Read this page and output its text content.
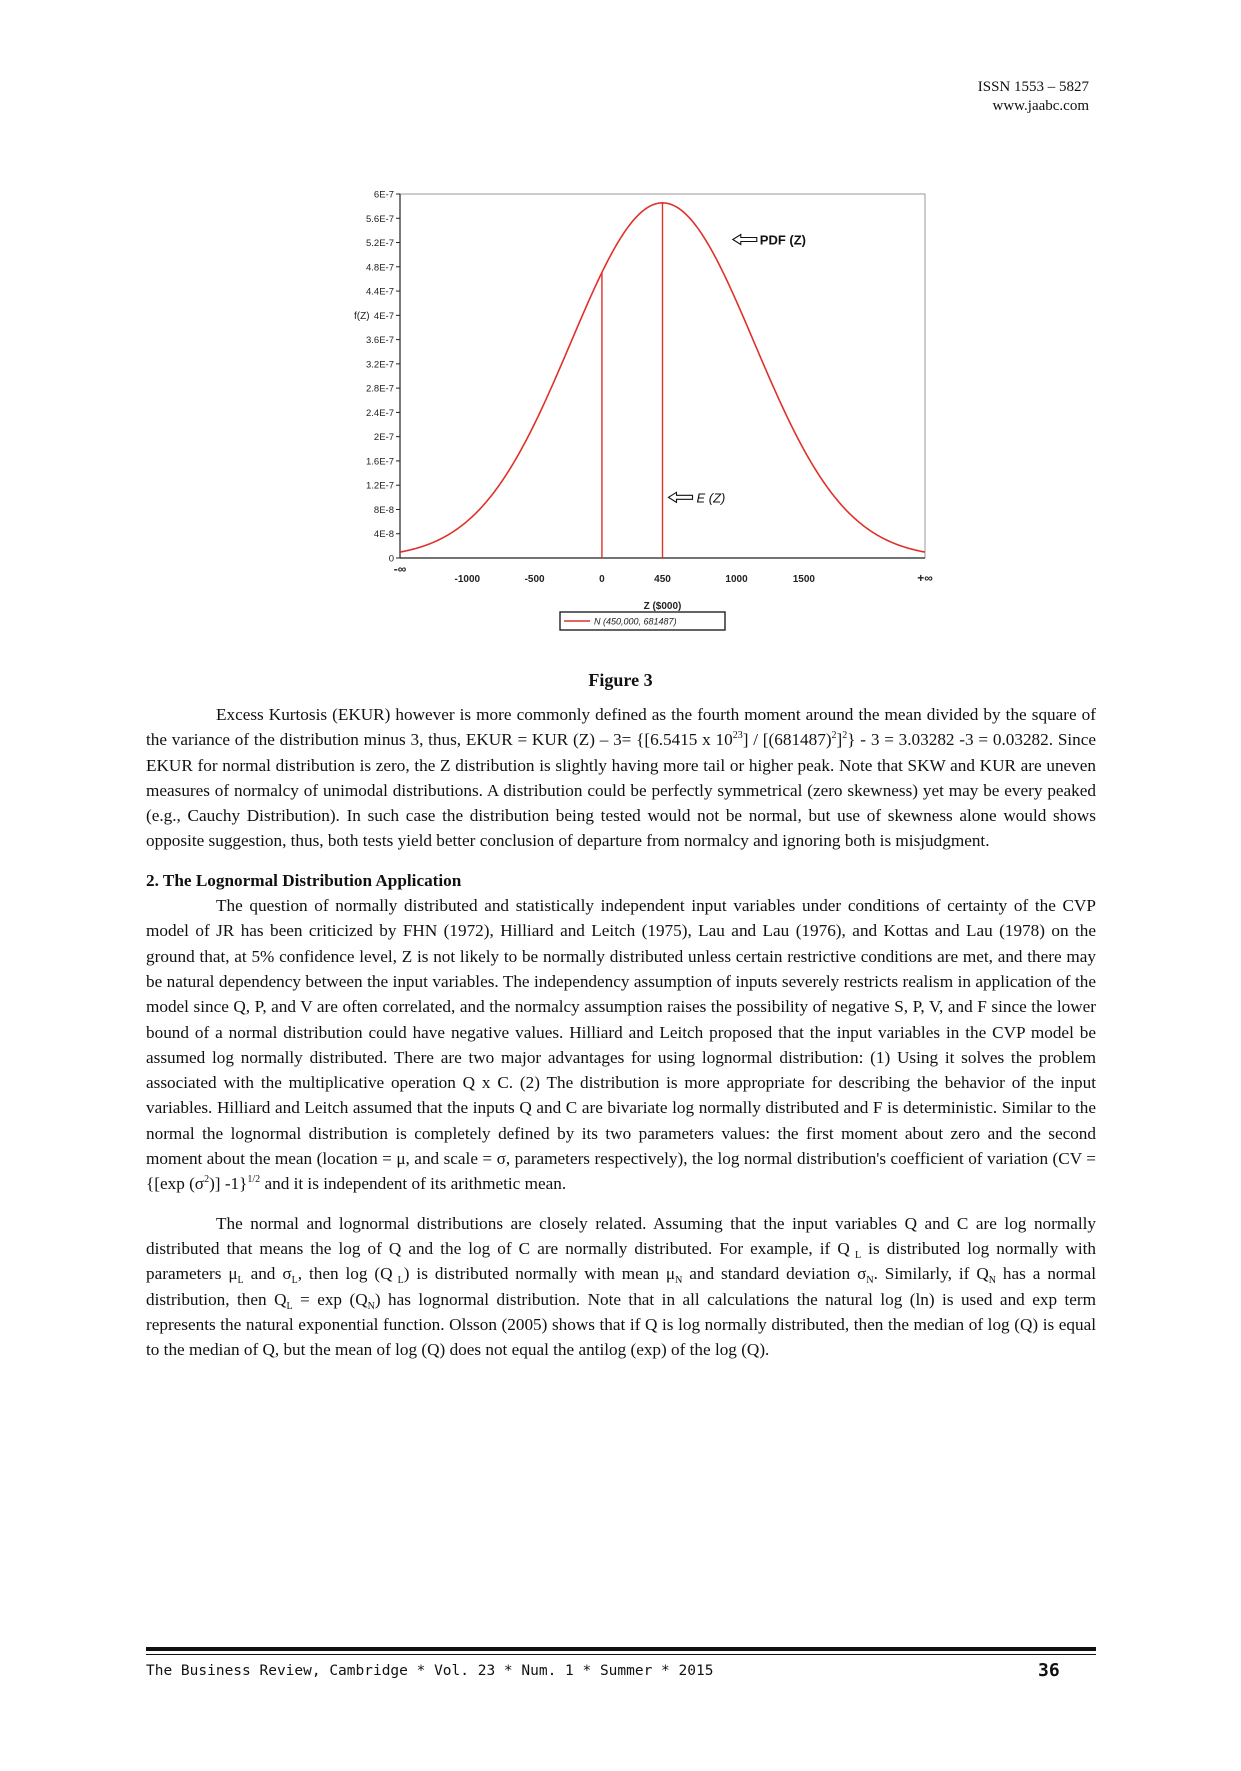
ISSN 1553 – 5827
www.jaabc.com
0
4E-8
8E-8
1.2E-7
1.6E-7
2E-7
2.4E-7
2.8E-7
3.2E-7
3.6E-7
4E-7
4.4E-7
4.8E-7
5.2E-7
5.6E-7
6E-7
f(Z)
-∞
-1000	-500	0	450	1000	1500	+∞
Z ($000)
N (450,000, 681487)
PDF (Z)
E (Z)
Figure 3

Excess Kurtosis (EKUR) however is more commonly defined as the fourth moment around the mean divided by the square of the variance of the distribution minus 3, thus, EKUR = KUR (Z) – 3= {[6.5415 x $10^{23}] / [(681487)^2]^2\} - 3 = 3.03282$ -3 = 0.03282. Since EKUR for normal distribution is zero, the Z distribution is slightly having more tail or higher peak. Note that SKW and KUR are uneven measures of normalcy of unimodal distributions. A distribution could be perfectly symmetrical (zero skewness) yet may be every peaked (e.g., Cauchy Distribution). In such case the distribution being tested would not be normal, but use of skewness alone would shows opposite suggestion, thus, both tests yield better conclusion of departure from normalcy and ignoring both is misjudgment.

2. The Lognormal Distribution Application

The question of normally distributed and statistically independent input variables under conditions of certainty of the CVP model of JR has been criticized by FHN (1972), Hilliard and Leitch (1975), Lau and Lau (1976), and Kottas and Lau (1978) on the ground that, at 5% confidence level, Z is not likely to be normally distributed unless certain restrictive conditions are met, and there may be natural dependency between the input variables. The independency assumption of inputs severely restricts realism in application of the model since Q, P, and V are often correlated, and the normalcy assumption raises the possibility of negative S, P, V, and F since the lower bound of a normal distribution could have negative values. Hilliard and Leitch proposed that the input variables in the CVP model be assumed log normally distributed. There are two major advantages for using lognormal distribution: (1) Using it solves the problem associated with the multiplicative operation Q x C. (2) The distribution is more appropriate for describing the behavior of the input variables. Hilliard and Leitch assumed that the inputs Q and C are bivariate log normally distributed and F is deterministic. Similar to the normal the lognormal distribution is completely defined by its two parameters values: the first moment about zero and the second moment about the mean (location = μ, and scale = σ, parameters respectively), the log normal distribution's coefficient of variation (CV = {[exp $(\sigma^2)$] -1}$^{1/2}$ and it is independent of its arithmetic mean.

The normal and lognormal distributions are closely related. Assuming that the input variables Q and C are log normally distributed that means the log of Q and the log of C are normally distributed. For example, if Q $_L$ is distributed log normally with parameters $\mu_L$ and $\sigma_L$, then log (Q $_L$) is distributed normally with mean $\mu_N$ and standard deviation $\sigma_N$. Similarly, if $Q_N$ has a normal distribution, then $Q_L = \exp (Q_N)$ has lognormal distribution. Note that in all calculations the natural log (ln) is used and exp term represents the natural exponential function. Olsson (2005) shows that if Q is log normally distributed, then the median of log (Q) is equal to the median of Q, but the mean of log (Q) does not equal the antilog (exp) of the log (Q).

The Business Review, Cambridge * Vol. 23 * Num. 1 * Summer * 2015	36
